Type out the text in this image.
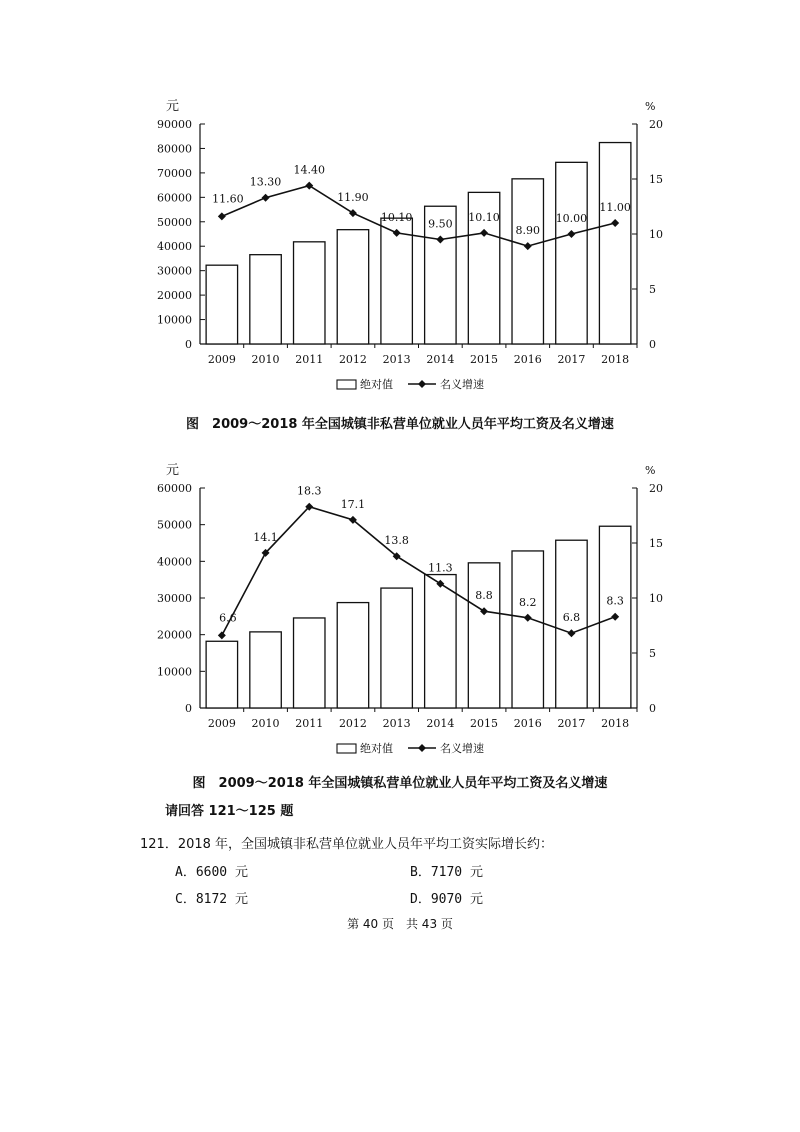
元	%
0
10000
20000
30000
40000
50000
60000
70000
80000
90000
0
5
10
15
20
2009 2010 2011 2012 2013 2014 2015 2016 2017 2018
11.60
13.30
14.40
11.90
10.10
9.50
10.10
8.90
10.00
11.00
绝对值	名义增速
图　2009～2018 年全国城镇非私营单位就业人员年平均工资及名义增速
元	%
0
10000
20000
30000
40000
50000
60000
0
5
10
15
20
2009 2010 2011 2012 2013 2014 2015 2016 2017 2018
6.6
14.1
18.3
17.1
13.8
11.3
8.8
8.2
6.8
8.3
绝对值	名义增速
图　2009～2018 年全国城镇私营单位就业人员年平均工资及名义增速
请回答 121～125 题
121．2018 年，全国城镇非私营单位就业人员年平均工资实际增长约：
A．6600 元	B．7170 元
C．8172 元	D．9070 元
第 40 页　共 43 页
